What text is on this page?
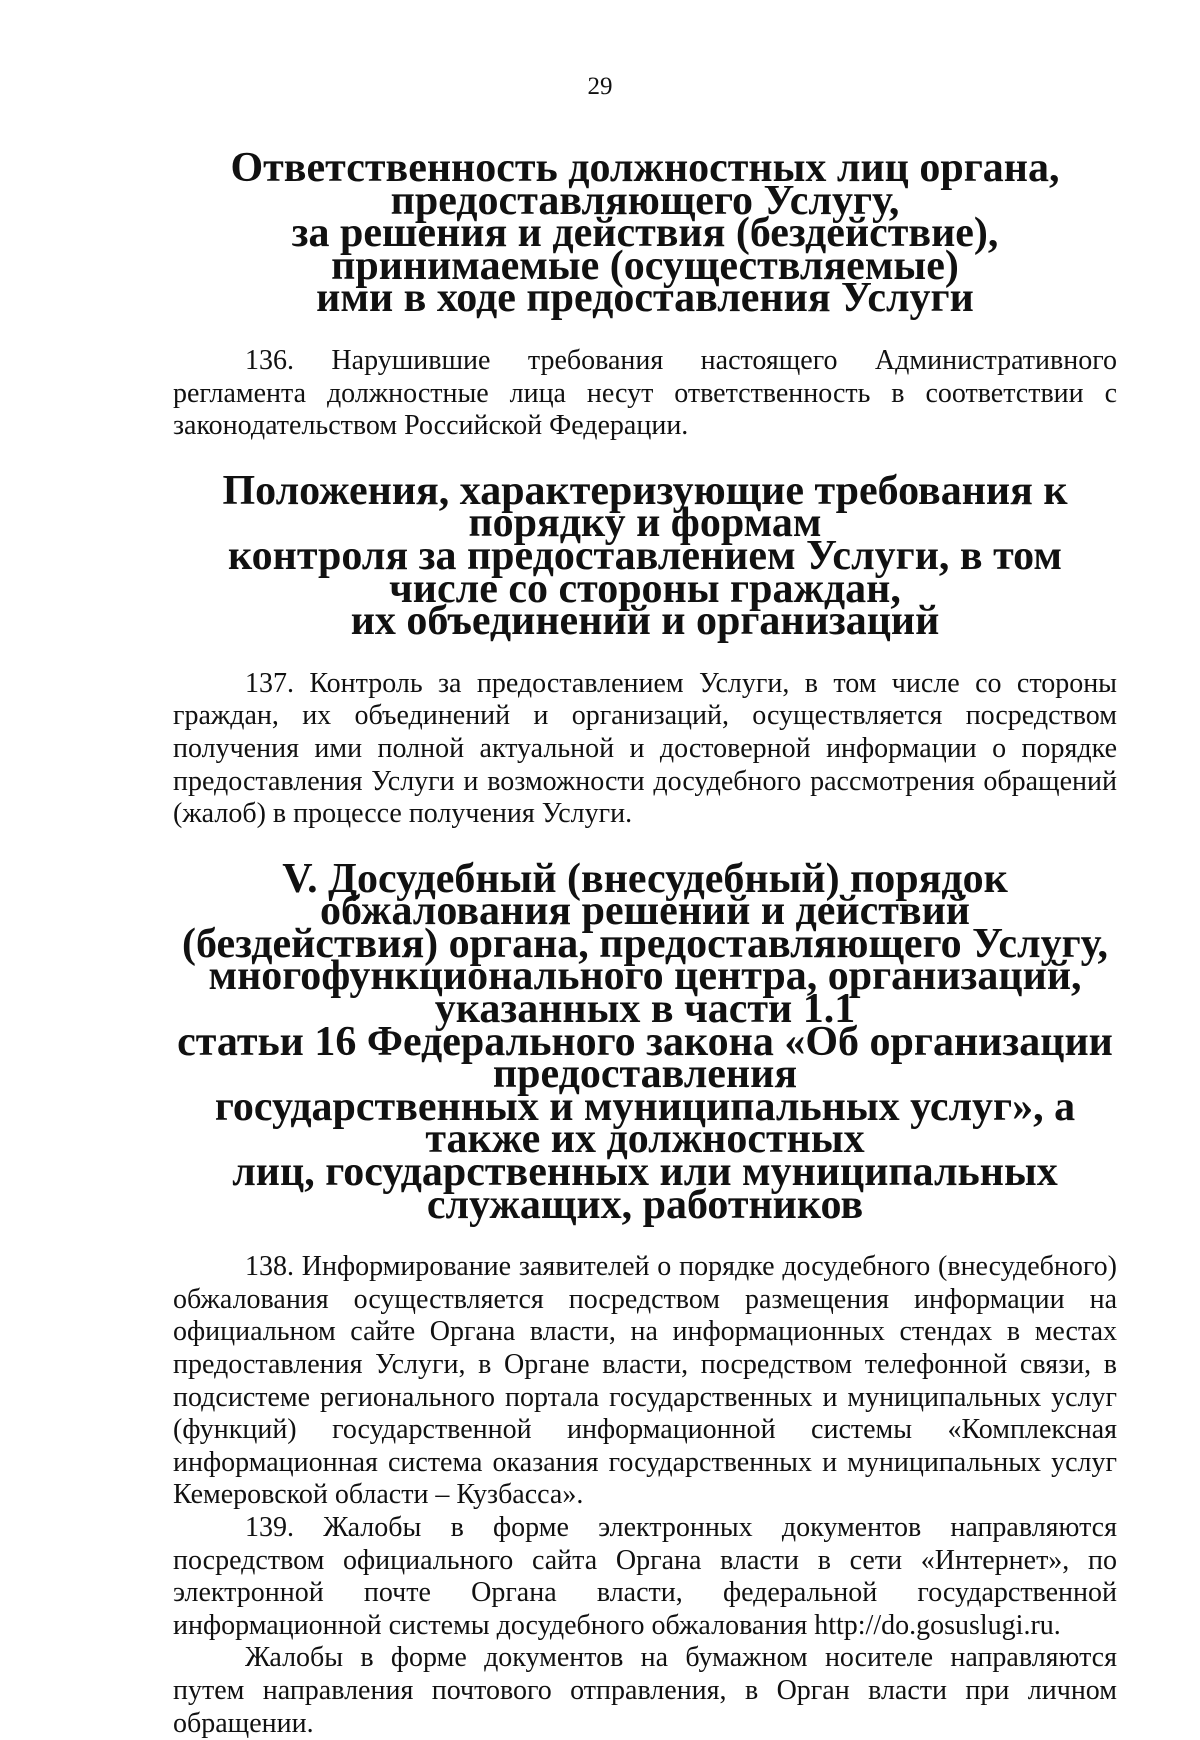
29
Ответственность должностных лиц органа, предоставляющего Услугу,
за решения и действия (бездействие), принимаемые (осуществляемые)
ими в ходе предоставления Услуги

136. Нарушившие требования настоящего Административного регламента должностные лица несут ответственность в соответствии с законодательством Российской Федерации.

Положения, характеризующие требования к порядку и формам
контроля за предоставлением Услуги, в том числе со стороны граждан,
их объединений и организаций

137. Контроль за предоставлением Услуги, в том числе со стороны граждан, их объединений и организаций, осуществляется посредством получения ими полной актуальной и достоверной информации о порядке предоставления Услуги и возможности досудебного рассмотрения обращений (жалоб) в процессе получения Услуги.

V. Досудебный (внесудебный) порядок обжалования решений и действий
(бездействия) органа, предоставляющего Услугу,
многофункционального центра, организаций, указанных в части 1.1
статьи 16 Федерального закона «Об организации предоставления
государственных и муниципальных услуг», а также их должностных
лиц, государственных или муниципальных служащих, работников

138. Информирование заявителей о порядке досудебного (внесудебного) обжалования осуществляется посредством размещения информации на официальном сайте Органа власти, на информационных стендах в местах предоставления Услуги, в Органе власти, посредством телефонной связи, в подсистеме регионального портала государственных и муниципальных услуг (функций) государственной информационной системы «Комплексная информационная система оказания государственных и муниципальных услуг Кемеровской области – Кузбасса».

139. Жалобы в форме электронных документов направляются посредством официального сайта Органа власти в сети «Интернет», по электронной почте Органа власти, федеральной государственной информационной системы досудебного обжалования http://do.gosuslugi.ru.

Жалобы в форме документов на бумажном носителе направляются путем направления почтового отправления, в Орган власти при личном обращении.
